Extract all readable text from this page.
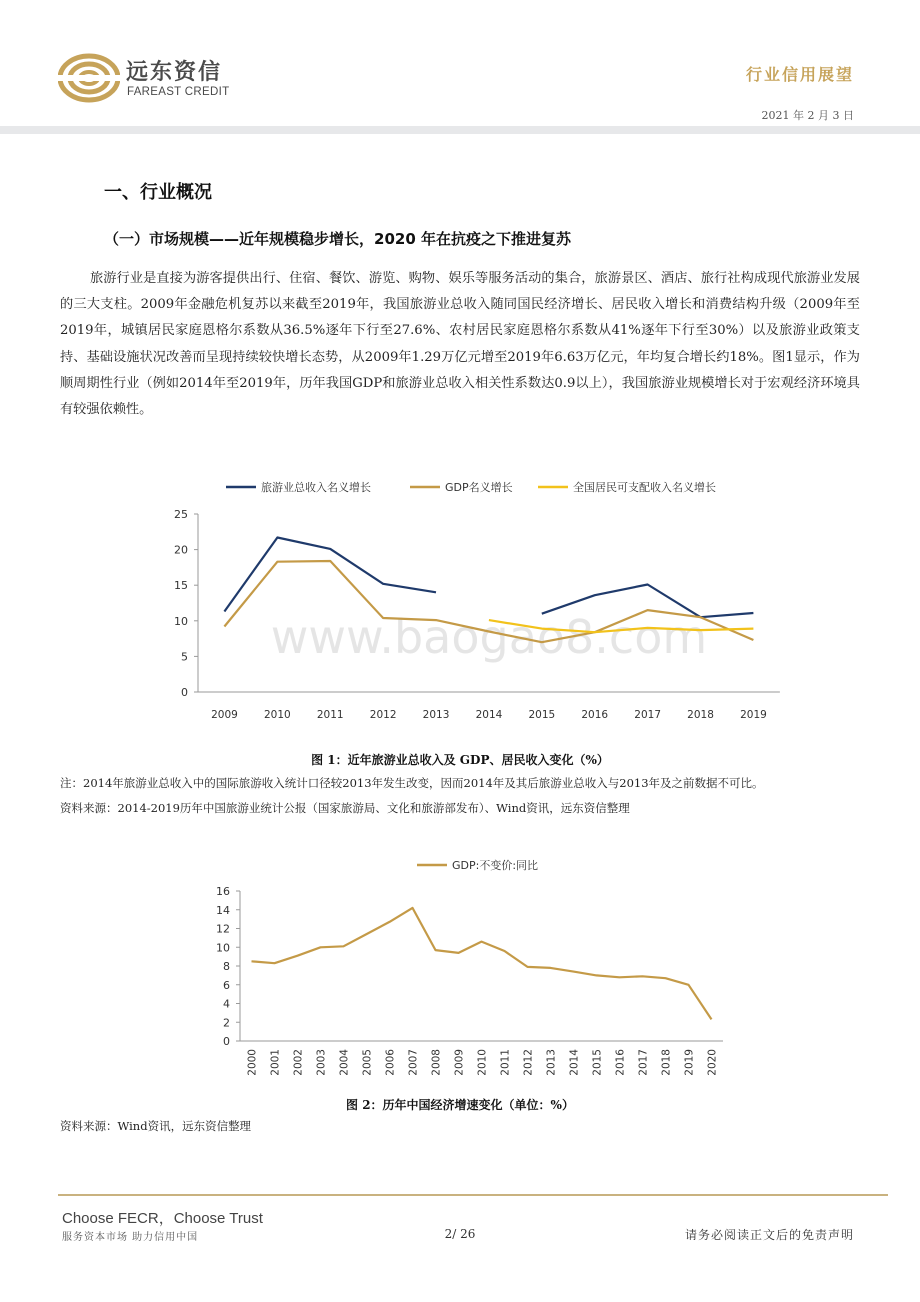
远东资信
FAREAST CREDIT
行业信用展望
2021 年 2 月 3 日
一、行业概况
（一）市场规模——近年规模稳步增长，2020 年在抗疫之下推进复苏
旅游行业是直接为游客提供出行、住宿、餐饮、游览、购物、娱乐等服务活动的集合，旅游景区、酒店、旅行社构成现代旅游业发展的三大支柱。2009年金融危机复苏以来截至2019年，我国旅游业总收入随同国民经济增长、居民收入增长和消费结构升级（2009年至2019年，城镇居民家庭恩格尔系数从36.5%逐年下行至27.6%、农村居民家庭恩格尔系数从41%逐年下行至30%）以及旅游业政策支持、基础设施状况改善而呈现持续较快增长态势，从2009年1.29万亿元增至2019年6.63万亿元，年均复合增长约18%。图1显示，作为顺周期性行业（例如2014年至2019年，历年我国GDP和旅游业总收入相关性系数达0.9以上），我国旅游业规模增长对于宏观经济环境具有较强依赖性。
www.baogao8.com
0
5
10
15
20
25
2009 2010 2011 2012 2013 2014 2015 2016 2017 2018 2019
旅游业总收入名义增长	GDP名义增长	全国居民可支配收入名义增长
图 1：近年旅游业总收入及 GDP、居民收入变化（%）
注：2014年旅游业总收入中的国际旅游收入统计口径较2013年发生改变，因而2014年及其后旅游业总收入与2013年及之前数据不可比。
资料来源：2014-2019历年中国旅游业统计公报（国家旅游局、文化和旅游部发布）、Wind资讯，远东资信整理
0
2
4
6
8
10
12
14
16
2000 2001 2002 2003 2004 2005 2006 2007 2008 2009 2010 2011 2012 2013 2014 2015 2016 2017 2018 2019 2020
GDP:不变价:同比
图 2：历年中国经济增速变化（单位：%）
资料来源：Wind资讯，远东资信整理
Choose FECR，Choose Trust
服务资本市场 助力信用中国	2/ 26	请务必阅读正文后的免责声明
